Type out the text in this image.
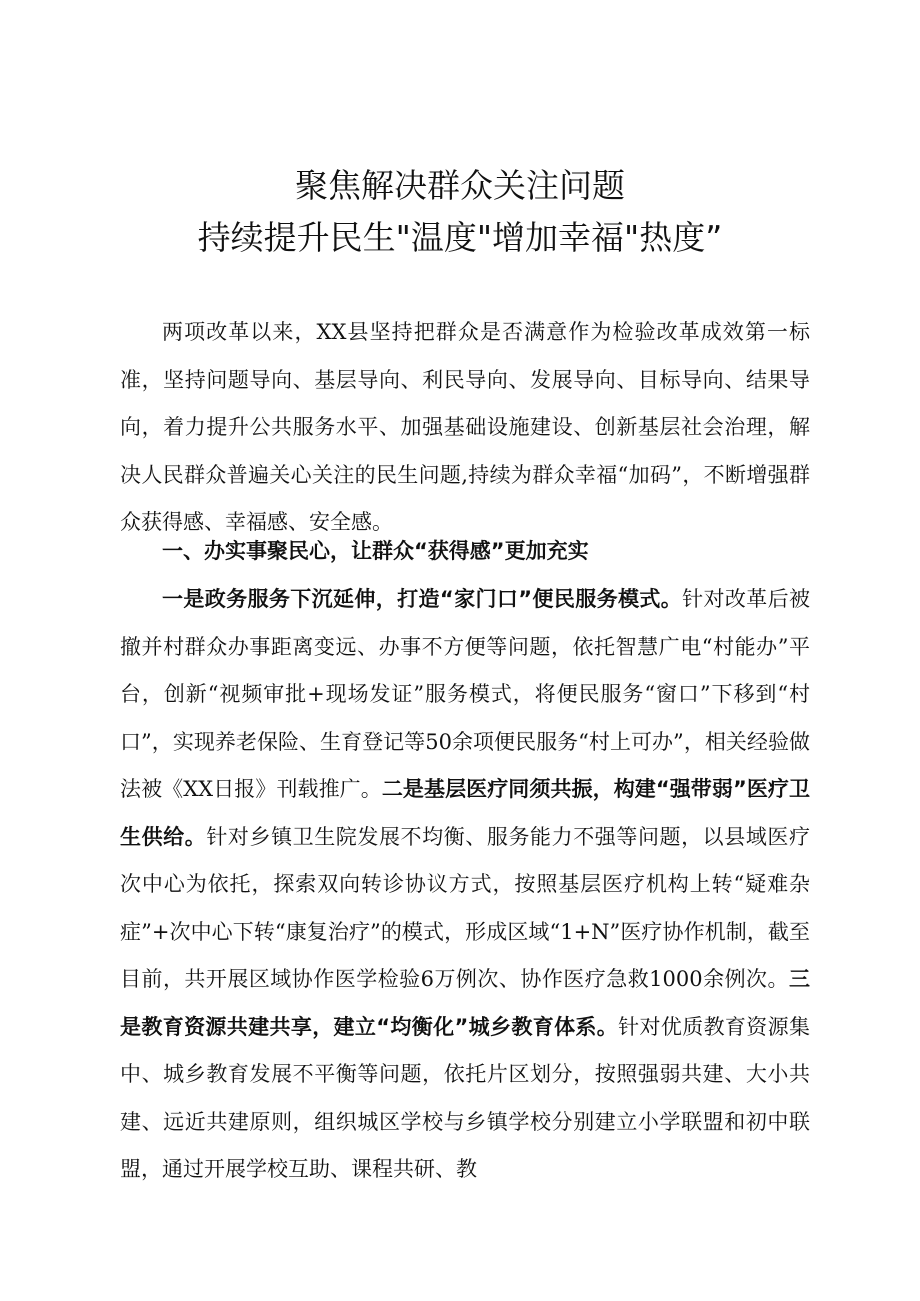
聚焦解决群众关注问题
持续提升民生"温度"增加幸福"热度”

两项改革以来，XX县坚持把群众是否满意作为检验改革成效第一标准，坚持问题导向、基层导向、利民导向、发展导向、目标导向、结果导向，着力提升公共服务水平、加强基础设施建设、创新基层社会治理，解决人民群众普遍关心关注的民生问题,持续为群众幸福“加码”，不断增强群众获得感、幸福感、安全感。

一、办实事聚民心，让群众“获得感”更加充实

一是政务服务下沉延伸，打造“家门口”便民服务模式。针对改革后被撤并村群众办事距离变远、办事不方便等问题，依托智慧广电“村能办”平台，创新“视频审批+现场发证”服务模式，将便民服务“窗口”下移到“村口”，实现养老保险、生育登记等50余项便民服务“村上可办”，相关经验做法被《XX日报》刊载推广。二是基层医疗同须共振，构建“强带弱”医疗卫生供给。针对乡镇卫生院发展不均衡、服务能力不强等问题，以县域医疗次中心为依托，探索双向转诊协议方式，按照基层医疗机构上转“疑难杂症”+次中心下转“康复治疗”的模式，形成区域“1+N”医疗协作机制，截至目前，共开展区域协作医学检验6万例次、协作医疗急救1000余例次。三是教育资源共建共享，建立“均衡化”城乡教育体系。针对优质教育资源集中、城乡教育发展不平衡等问题，依托片区划分，按照强弱共建、大小共建、远近共建原则，组织城区学校与乡镇学校分别建立小学联盟和初中联盟，通过开展学校互助、课程共研、教
